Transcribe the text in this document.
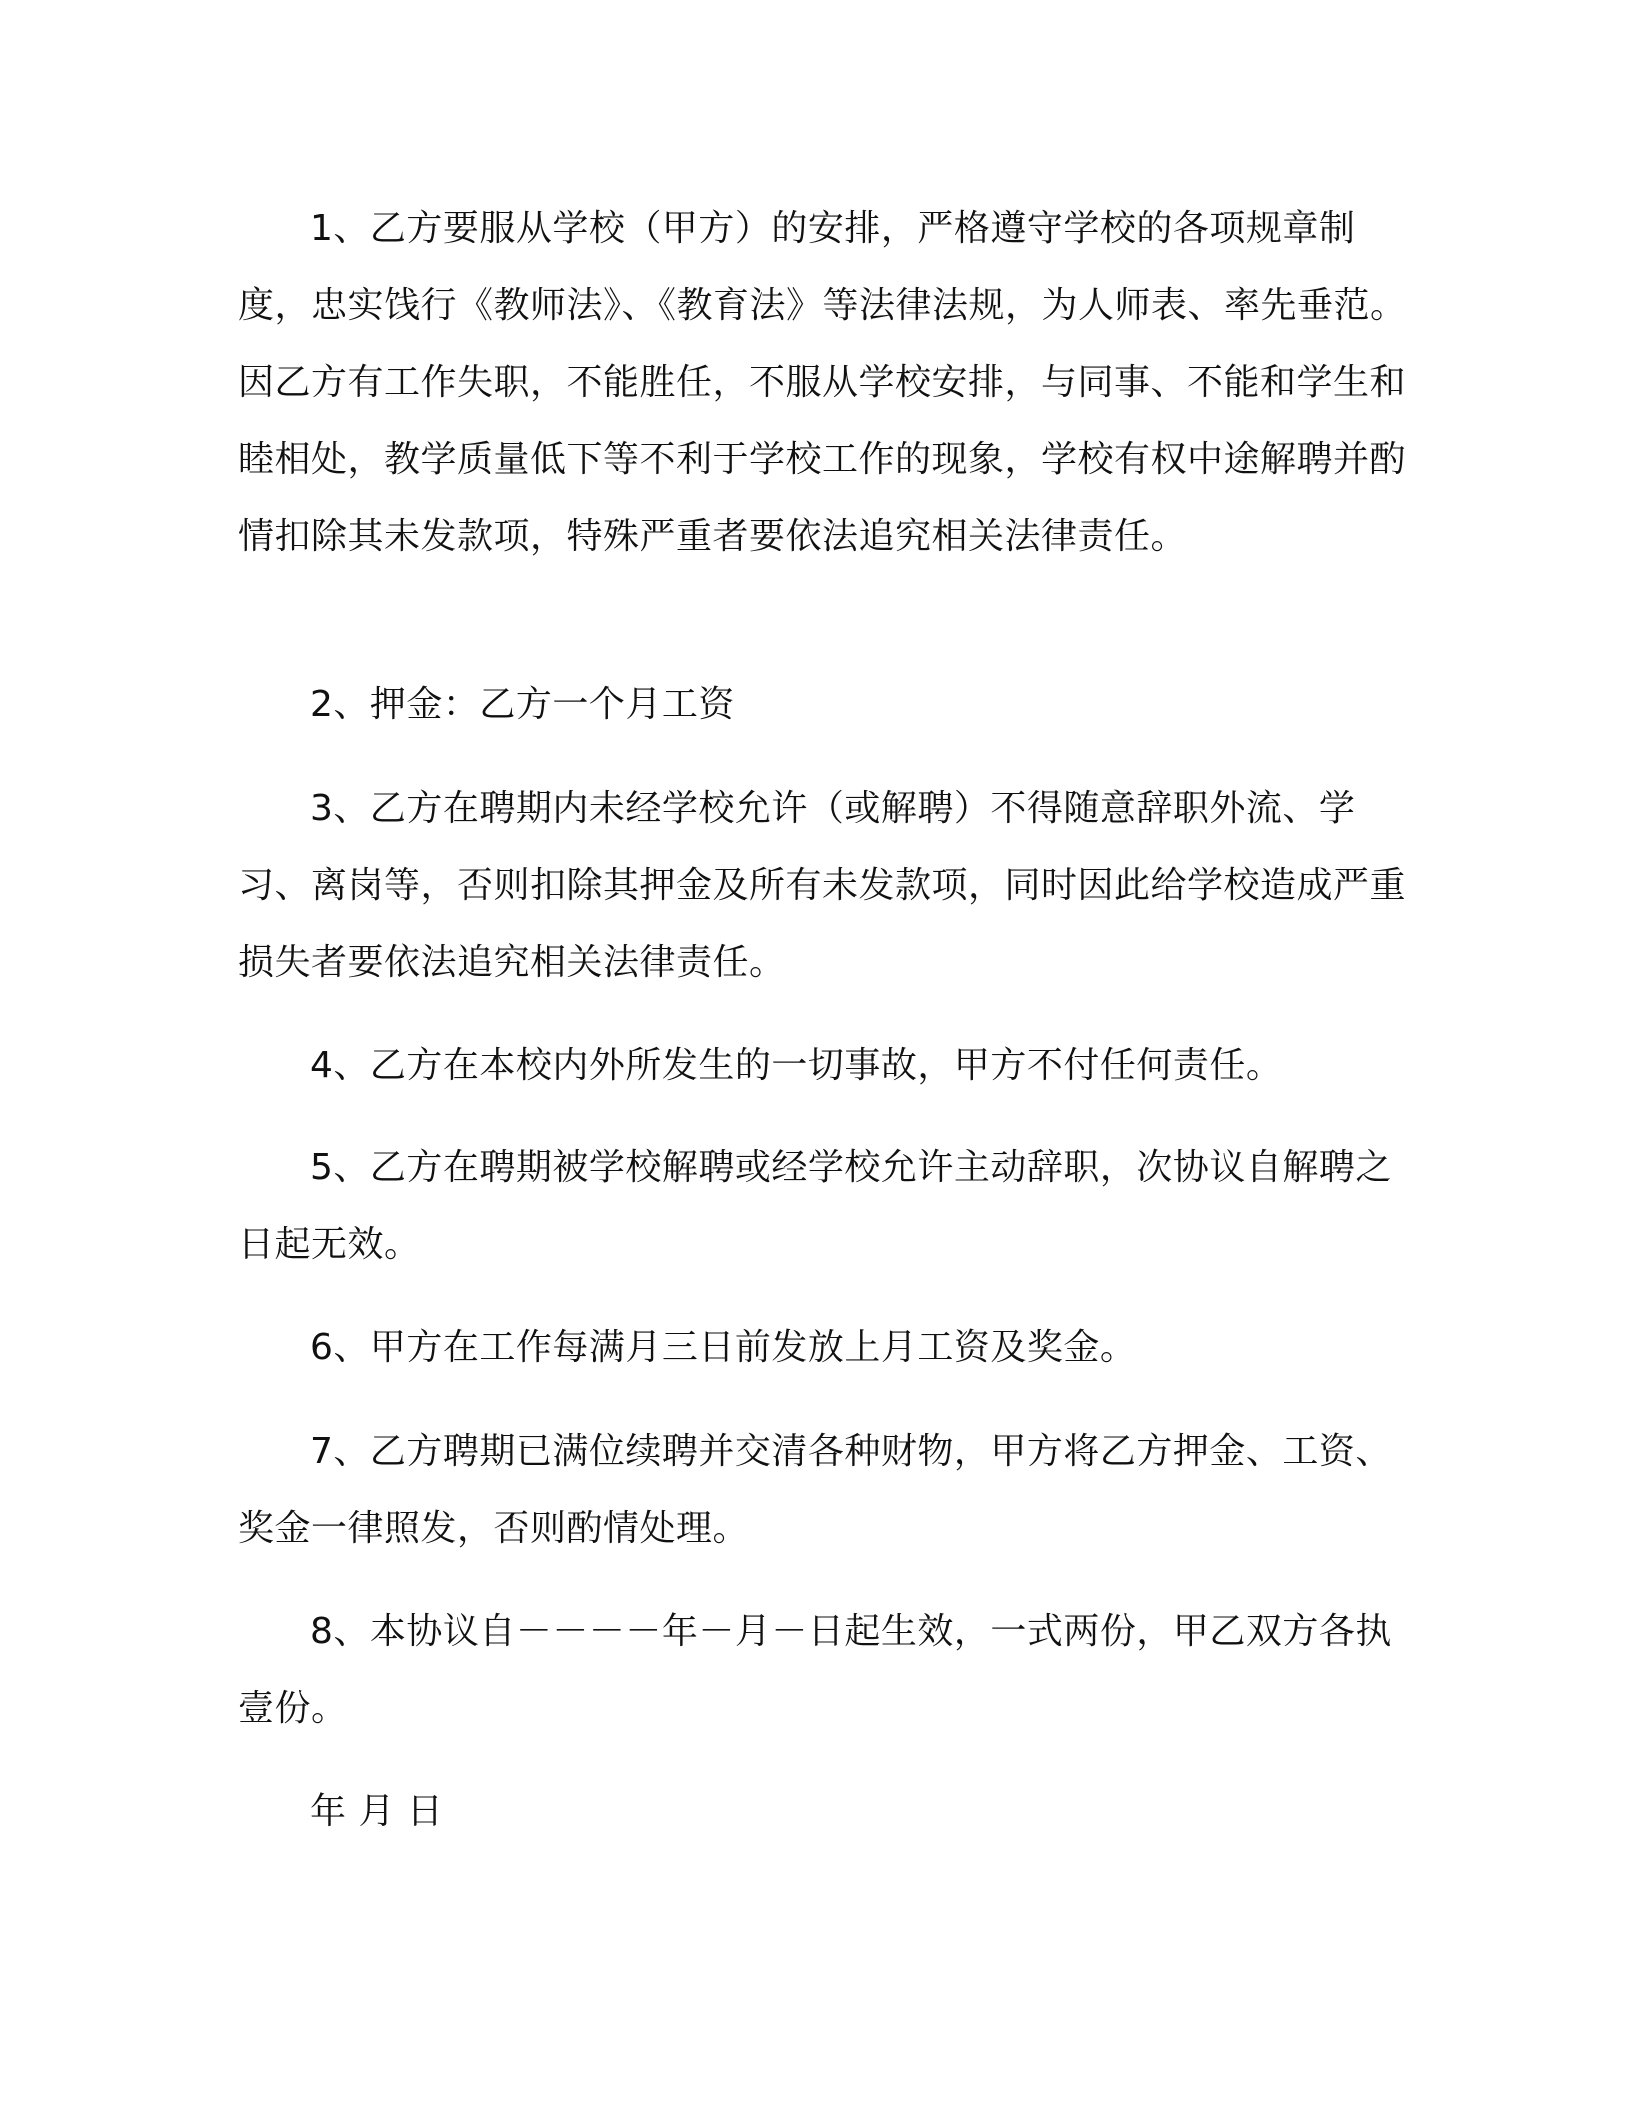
1、乙方要服从学校（甲方）的安排，严格遵守学校的各项规章制度，忠实饯行《教师法》、《教育法》等法律法规，为人师表、率先垂范。因乙方有工作失职，不能胜任，不服从学校安排，与同事、不能和学生和睦相处，教学质量低下等不利于学校工作的现象，学校有权中途解聘并酌情扣除其未发款项，特殊严重者要依法追究相关法律责任。

2、押金：乙方一个月工资

3、乙方在聘期内未经学校允许（或解聘）不得随意辞职外流、学习、离岗等，否则扣除其押金及所有未发款项，同时因此给学校造成严重损失者要依法追究相关法律责任。

4、乙方在本校内外所发生的一切事故，甲方不付任何责任。

5、乙方在聘期被学校解聘或经学校允许主动辞职，次协议自解聘之日起无效。

6、甲方在工作每满月三日前发放上月工资及奖金。

7、乙方聘期已满位续聘并交清各种财物，甲方将乙方押金、工资、奖金一律照发，否则酌情处理。

8、本协议自－－－－年－月－日起生效，一式两份，甲乙双方各执壹份。

年 月 日
